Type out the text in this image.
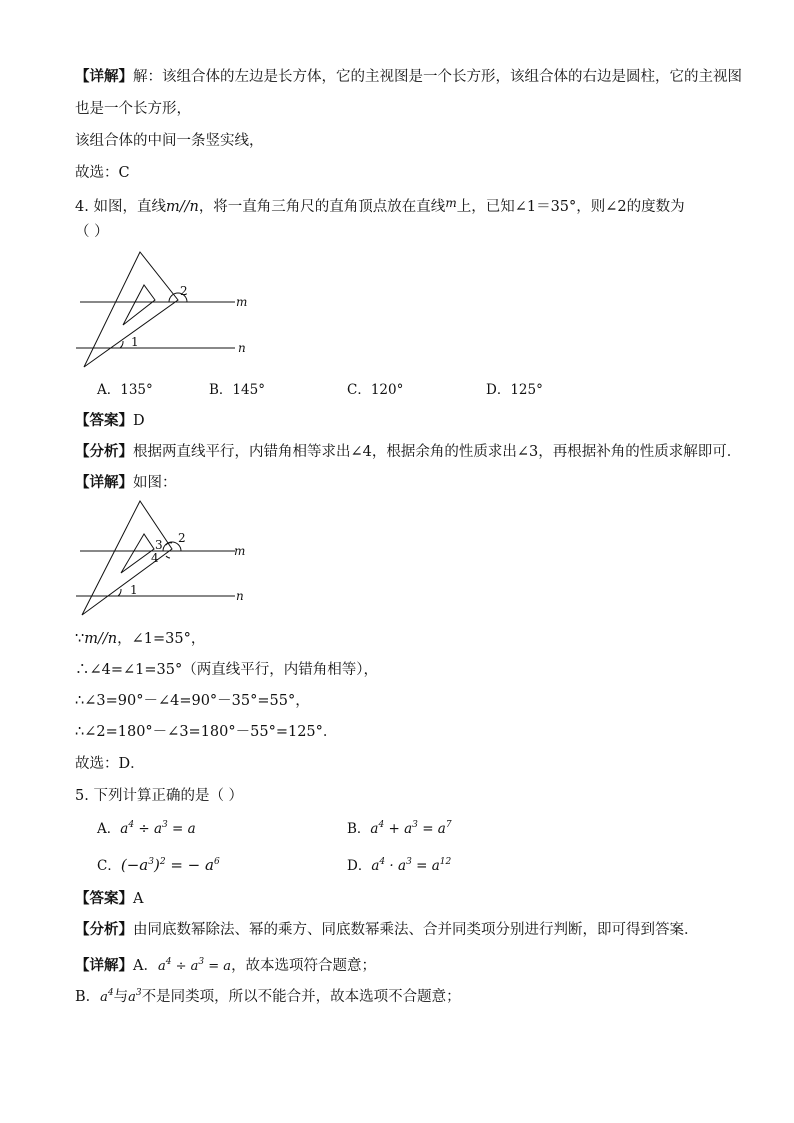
【详解】解：该组合体的左边是长方体，它的主视图是一个长方形，该组合体的右边是圆柱，它的主视图
也是一个长方形，
该组合体的中间一条竖实线，
故选：C
4. 如图，直线m//n，将一直角三角尺的直角顶点放在直线$^m$上，已知∠1＝35°，则∠2的度数为
（ ）
2
1
m
n
A．135°	B．145°	C．120°	D．125°
【答案】D
【分析】根据两直线平行，内错角相等求出∠4，根据余角的性质求出∠3，再根据补角的性质求解即可．
【详解】如图：
2
3
4
1
m
n
∵m//n，∠1=35°，
∴∠4=∠1=35°（两直线平行，内错角相等），
∴∠3=90°－∠4=90°－35°=55°，
∴∠2=180°－∠3=180°－55°=125°．
故选：D．
5. 下列计算正确的是（ ）
A．$a^4 \div a^3 = a$	B．$a^4 + a^3 = a^7$
C．$(-a^3)^2$ = − $a^6$	D．$a^4 \cdot a^3 = a^{12}$
【答案】A
【分析】由同底数幂除法、幂的乘方、同底数幂乘法、合并同类项分别进行判断，即可得到答案．
【详解】A．$a^4 \div a^3 = a$，故本选项符合题意；
B．$a^4$与$a^3$不是同类项，所以不能合并，故本选项不合题意；
